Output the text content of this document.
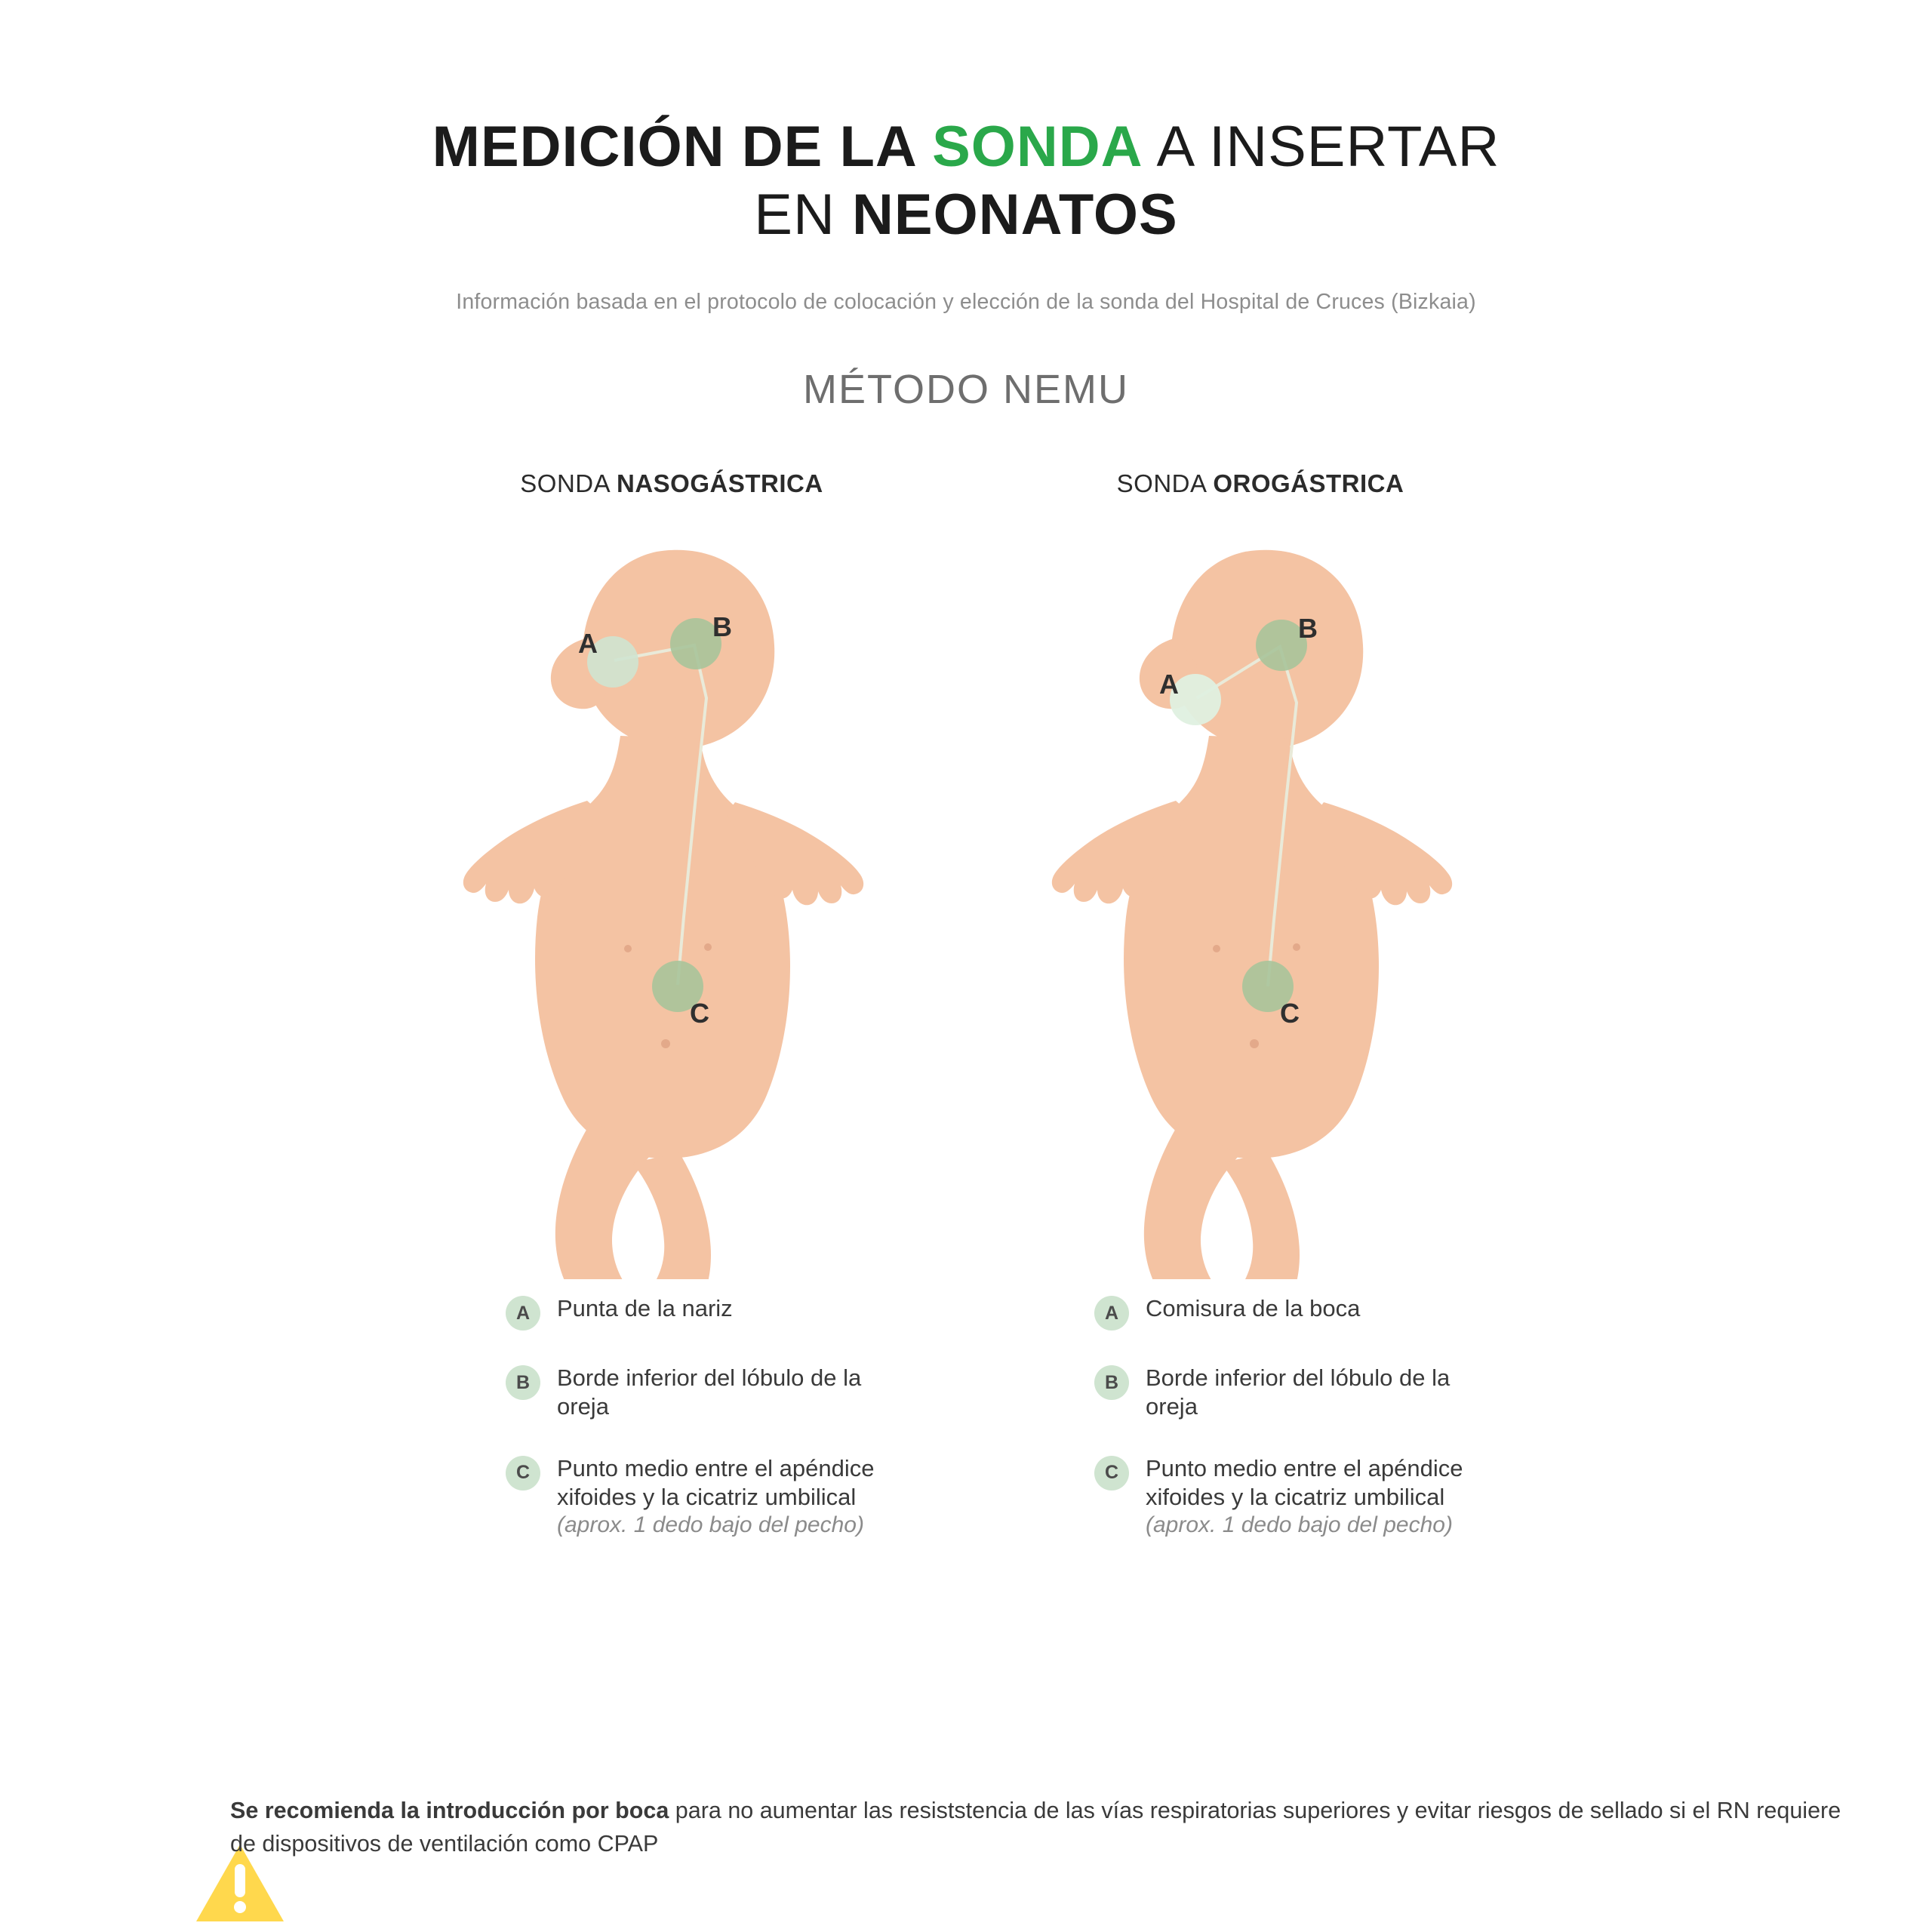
MEDICIÓN DE LA SONDA A INSERTAR
EN NEONATOS
Información basada en el protocolo de colocación y elección de la sonda del Hospital de Cruces (Bizkaia)
MÉTODO NEMU
SONDA NASOGÁSTRICA
A
B
C
A	Punta de la nariz
B	Borde inferior del lóbulo de la oreja
C	Punto medio entre el apéndice xifoides y la cicatriz umbilical
(aprox. 1 dedo bajo del pecho)
SONDA OROGÁSTRICA
A
B
C
A	Comisura de la boca
B	Borde inferior del lóbulo de la oreja
C	Punto medio entre el apéndice xifoides y la cicatriz umbilical
(aprox. 1 dedo bajo del pecho)
Se recomienda la introducción por boca para no aumentar las resiststencia de las vías respiratorias superiores y evitar riesgos de sellado si el RN requiere de dispositivos de ventilación como CPAP
